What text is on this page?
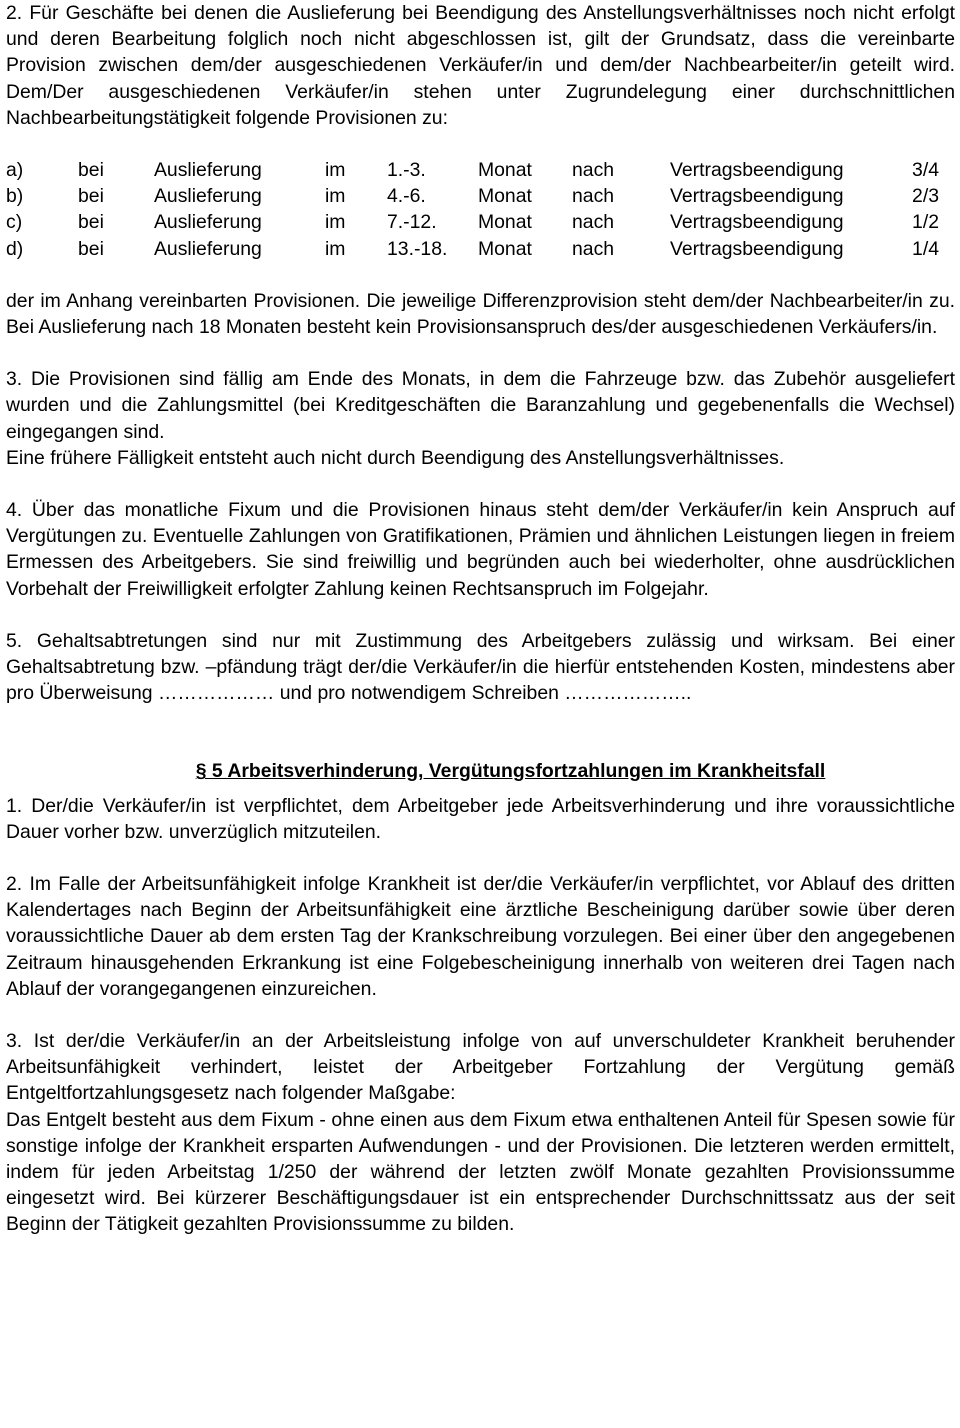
2. Für Geschäfte bei denen die Auslieferung bei Beendigung des Anstellungsverhältnisses noch nicht erfolgt und deren Bearbeitung folglich noch nicht abgeschlossen ist, gilt der Grundsatz, dass die vereinbarte Provision zwischen dem/der ausgeschiedenen Verkäufer/in und dem/der Nachbearbeiter/in geteilt wird. Dem/Der ausgeschiedenen Verkäufer/in stehen unter Zugrundelegung einer durchschnittlichen Nachbearbeitungstätigkeit folgende Provisionen zu:

a)	bei	Auslieferung	im 1.-3.	Monat nach	Vertragsbeendigung	3/4
b)	bei	Auslieferung	im 4.-6.	Monat nach	Vertragsbeendigung	2/3
c)	bei	Auslieferung	im 7.-12. Monat nach	Vertragsbeendigung	1/2
d)	bei	Auslieferung	im 13.-18. Monat nach	Vertragsbeendigung	1/4

der im Anhang vereinbarten Provisionen. Die jeweilige Differenzprovision steht dem/der Nachbearbeiter/in zu. Bei Auslieferung nach 18 Monaten besteht kein Provisionsanspruch des/der ausgeschiedenen Verkäufers/in.

3. Die Provisionen sind fällig am Ende des Monats, in dem die Fahrzeuge bzw. das Zubehör ausgeliefert wurden und die Zahlungsmittel (bei Kreditgeschäften die Baranzahlung und gegebenenfalls die Wechsel) eingegangen sind.

Eine frühere Fälligkeit entsteht auch nicht durch Beendigung des Anstellungsverhältnisses.

4. Über das monatliche Fixum und die Provisionen hinaus steht dem/der Verkäufer/in kein Anspruch auf Vergütungen zu. Eventuelle Zahlungen von Gratifikationen, Prämien und ähnlichen Leistungen liegen in freiem Ermessen des Arbeitgebers. Sie sind freiwillig und begründen auch bei wiederholter, ohne ausdrücklichen Vorbehalt der Freiwilligkeit erfolgter Zahlung keinen Rechtsanspruch im Folgejahr.

5. Gehaltsabtretungen sind nur mit Zustimmung des Arbeitgebers zulässig und wirksam. Bei einer Gehaltsabtretung bzw. –pfändung trägt der/die Verkäufer/in die hierfür entstehenden Kosten, mindestens aber pro Überweisung ……………… und pro notwendigem Schreiben ………………..

§ 5 Arbeitsverhinderung, Vergütungsfortzahlungen im Krankheitsfall

1. Der/die Verkäufer/in ist verpflichtet, dem Arbeitgeber jede Arbeitsverhinderung und ihre voraussichtliche Dauer vorher bzw. unverzüglich mitzuteilen.

2. Im Falle der Arbeitsunfähigkeit infolge Krankheit ist der/die Verkäufer/in verpflichtet, vor Ablauf des dritten Kalendertages nach Beginn der Arbeitsunfähigkeit eine ärztliche Bescheinigung darüber sowie über deren voraussichtliche Dauer ab dem ersten Tag der Krankschreibung vorzulegen. Bei einer über den angegebenen Zeitraum hinausgehenden Erkrankung ist eine Folgebescheinigung innerhalb von weiteren drei Tagen nach Ablauf der vorangegangenen einzureichen.

3. Ist der/die Verkäufer/in an der Arbeitsleistung infolge von auf unverschuldeter Krankheit beruhender Arbeitsunfähigkeit verhindert, leistet der Arbeitgeber Fortzahlung der Vergütung gemäß Entgeltfortzahlungsgesetz nach folgender Maßgabe:

Das Entgelt besteht aus dem Fixum - ohne einen aus dem Fixum etwa enthaltenen Anteil für Spesen sowie für sonstige infolge der Krankheit ersparten Aufwendungen - und der Provisionen. Die letzteren werden ermittelt, indem für jeden Arbeitstag 1/250 der während der letzten zwölf Monate gezahlten Provisionssumme eingesetzt wird. Bei kürzerer Beschäftigungsdauer ist ein entsprechender Durchschnittssatz aus der seit Beginn der Tätigkeit gezahlten Provisionssumme zu bilden.
